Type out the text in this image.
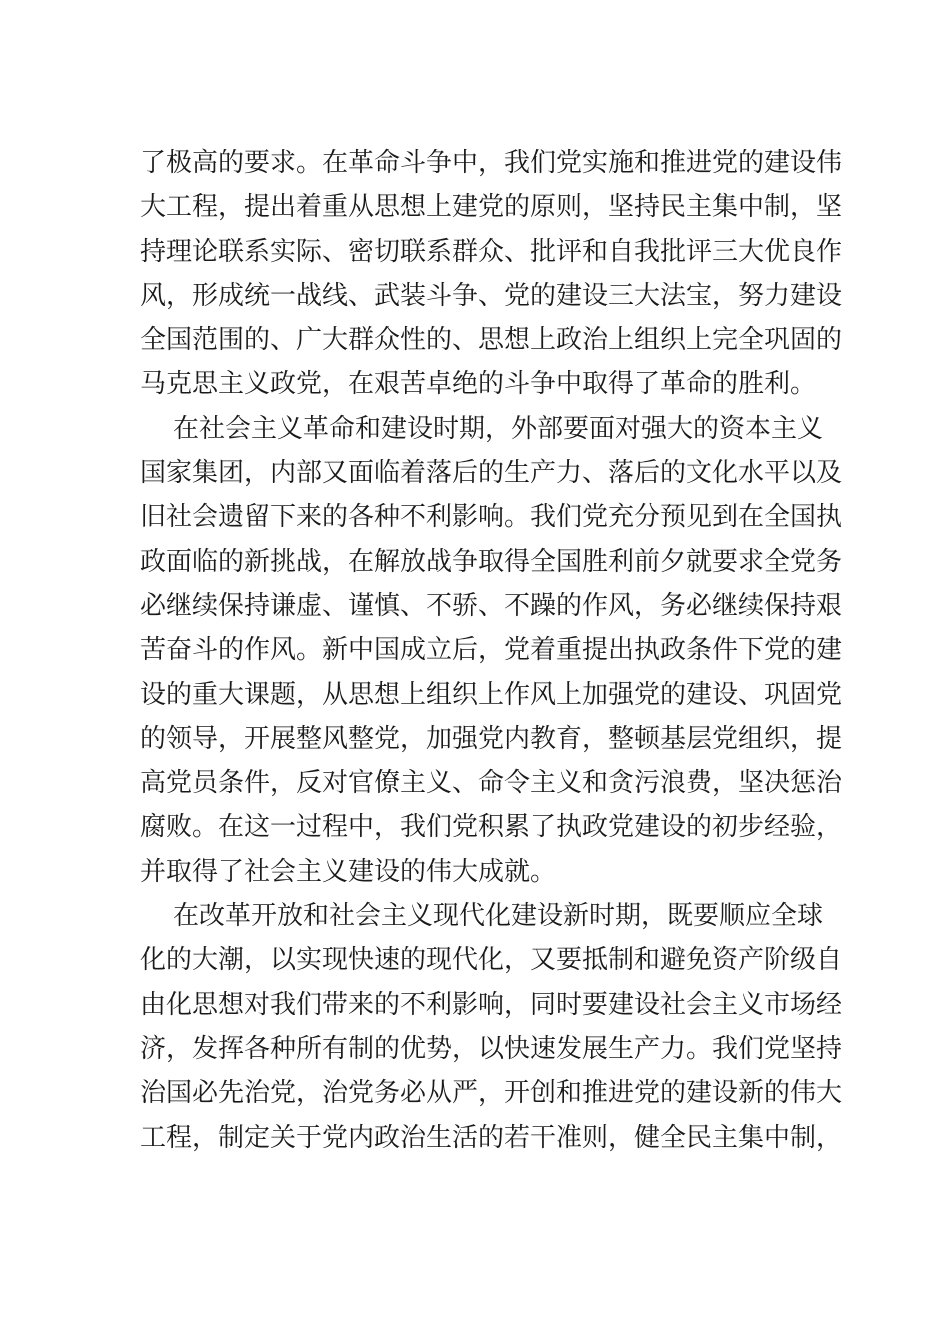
了极高的要求。在革命斗争中，我们党实施和推进党的建设伟
大工程，提出着重从思想上建党的原则，坚持民主集中制，坚
持理论联系实际、密切联系群众、批评和自我批评三大优良作
风，形成统一战线、武装斗争、党的建设三大法宝，努力建设
全国范围的、广大群众性的、思想上政治上组织上完全巩固的
马克思主义政党，在艰苦卓绝的斗争中取得了革命的胜利。
在社会主义革命和建设时期，外部要面对强大的资本主义
国家集团，内部又面临着落后的生产力、落后的文化水平以及
旧社会遗留下来的各种不利影响。我们党充分预见到在全国执
政面临的新挑战，在解放战争取得全国胜利前夕就要求全党务
必继续保持谦虚、谨慎、不骄、不躁的作风，务必继续保持艰
苦奋斗的作风。新中国成立后，党着重提出执政条件下党的建
设的重大课题，从思想上组织上作风上加强党的建设、巩固党
的领导，开展整风整党，加强党内教育，整顿基层党组织，提
高党员条件，反对官僚主义、命令主义和贪污浪费，坚决惩治
腐败。在这一过程中，我们党积累了执政党建设的初步经验，
并取得了社会主义建设的伟大成就。
在改革开放和社会主义现代化建设新时期，既要顺应全球
化的大潮，以实现快速的现代化，又要抵制和避免资产阶级自
由化思想对我们带来的不利影响，同时要建设社会主义市场经
济，发挥各种所有制的优势，以快速发展生产力。我们党坚持
治国必先治党，治党务必从严，开创和推进党的建设新的伟大
工程，制定关于党内政治生活的若干准则，健全民主集中制，
